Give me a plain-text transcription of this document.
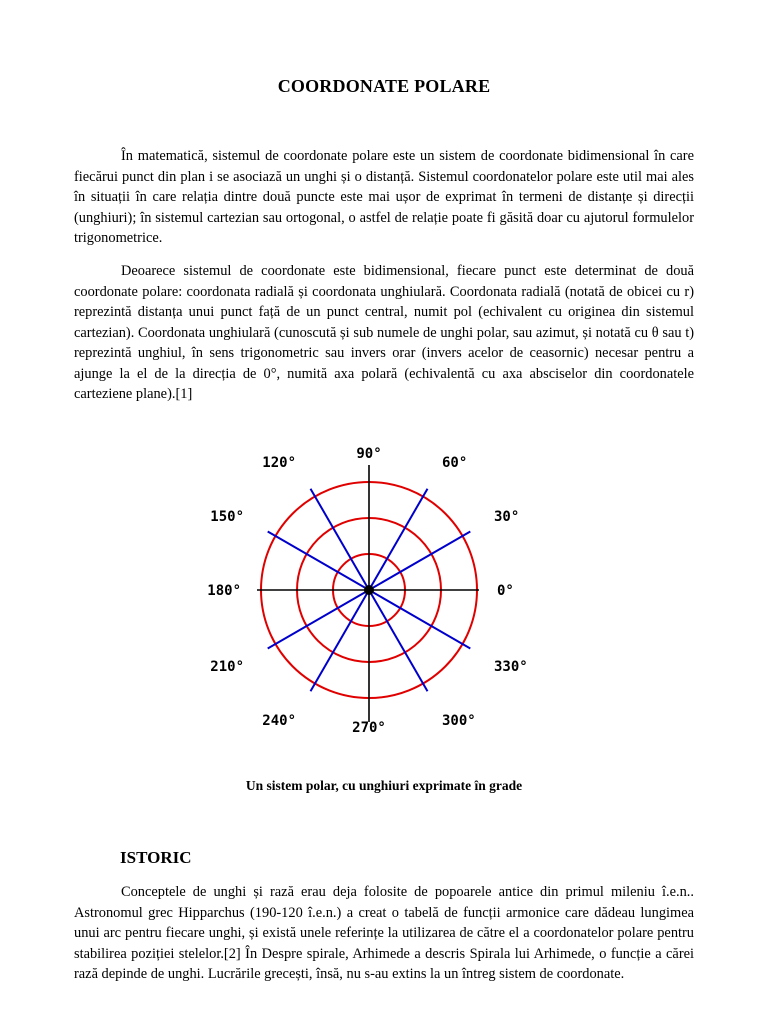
COORDONATE POLARE

În matematică, sistemul de coordonate polare este un sistem de coordonate bidimensional în care fiecărui punct din plan i se asociază un unghi și o distanță. Sistemul coordonatelor polare este util mai ales în situații în care relația dintre două puncte este mai ușor de exprimat în termeni de distanțe și direcții (unghiuri); în sistemul cartezian sau ortogonal, o astfel de relație poate fi găsită doar cu ajutorul formulelor trigonometrice.

Deoarece sistemul de coordonate este bidimensional, fiecare punct este determinat de două coordonate polare: coordonata radială și coordonata unghiulară. Coordonata radială (notată de obicei cu r) reprezintă distanța unui punct față de un punct central, numit pol (echivalent cu originea din sistemul cartezian). Coordonata unghiulară (cunoscută și sub numele de unghi polar, sau azimut, și notată cu θ sau t) reprezintă unghiul, în sens trigonometric sau invers orar (invers acelor de ceasornic) necesar pentru a ajunge la el de la direcția de 0°, numită axa polară (echivalentă cu axa absciselor din coordonatele carteziene plane).[1]

0°
30°
60°
90°
120°
150°
180°
210°
240°	270°	300°
330°
Un sistem polar, cu unghiuri exprimate în grade
ISTORIC

Conceptele de unghi și rază erau deja folosite de popoarele antice din primul mileniu î.e.n.. Astronomul grec Hipparchus (190-120 î.e.n.) a creat o tabelă de funcții armonice care dădeau lungimea unui arc pentru fiecare unghi, și există unele referințe la utilizarea de către el a coordonatelor polare pentru stabilirea poziției stelelor.[2] În Despre spirale, Arhimede a descris Spirala lui Arhimede, o funcție a cărei rază depinde de unghi. Lucrările grecești, însă, nu s-au extins la un întreg sistem de coordonate.
